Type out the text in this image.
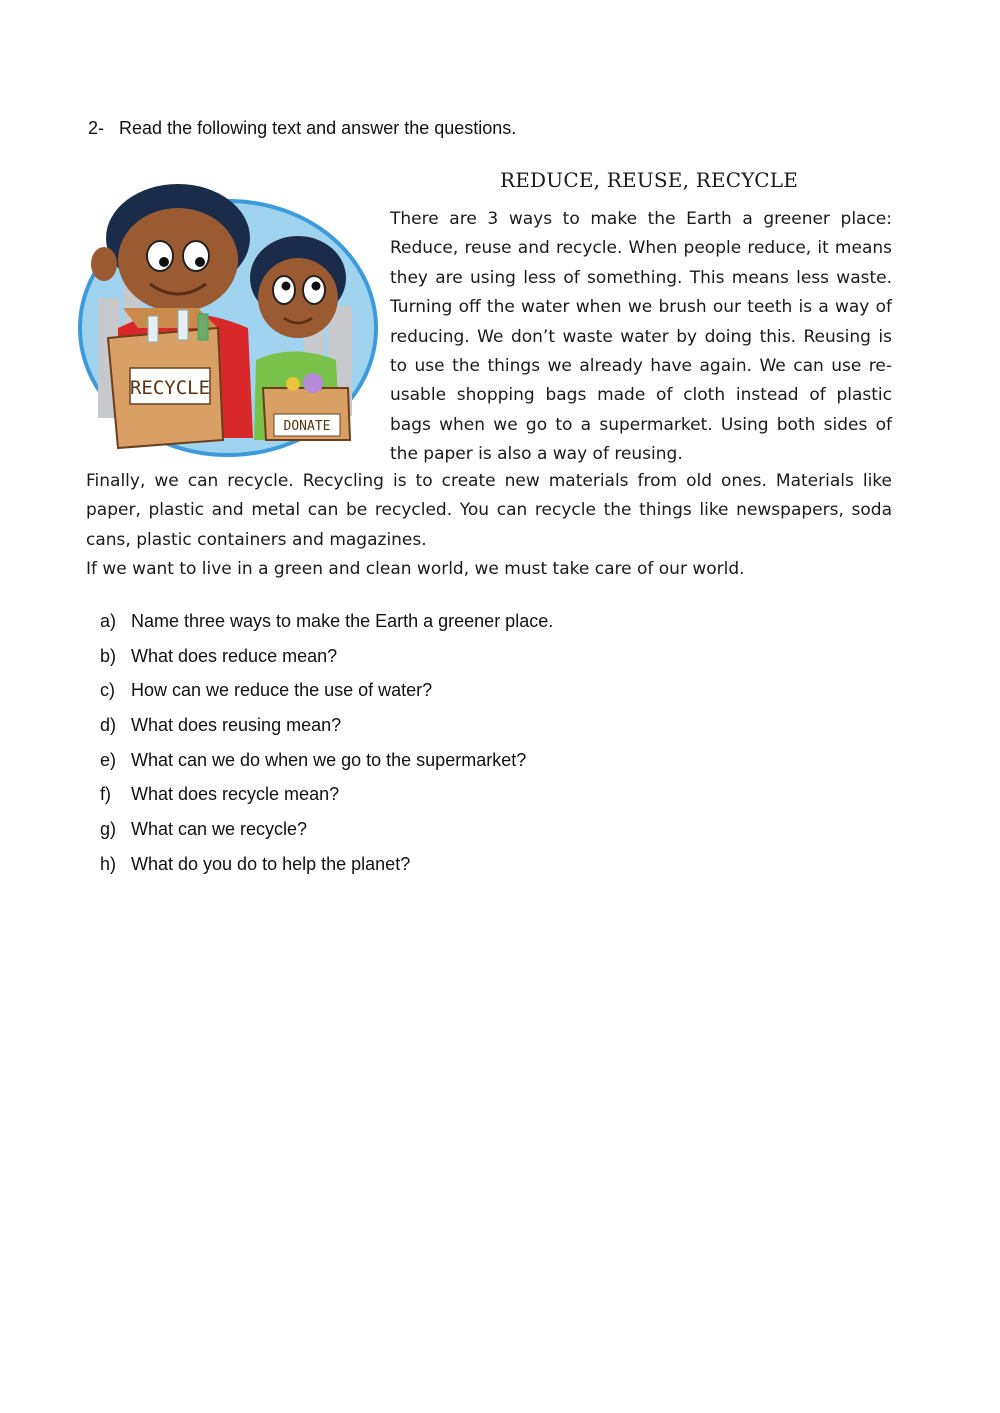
2- Read the following text and answer the questions.
RECYCLE
DONATE
REDUCE, REUSE, RECYCLE

There are 3 ways to make the Earth a greener place: Reduce, reuse and recycle. When people reduce, it means they are using less of something. This means less waste. Turning off the water when we brush our teeth is a way of reducing. We don’t waste water by doing this. Reusing is to use the things we already have again. We can use re-usable shopping bags made of cloth instead of plastic bags when we go to a supermarket. Using both sides of the paper is also a way of reusing.

Finally, we can recycle. Recycling is to create new materials from old ones. Materials like paper, plastic and metal can be recycled. You can recycle the things like newspapers, soda cans, plastic containers and magazines.

If we want to live in a green and clean world, we must take care of our world.

a) Name three ways to make the Earth a greener place.
b) What does reduce mean?
c) How can we reduce the use of water?
d) What does reusing mean?
e) What can we do when we go to the supermarket?
f) What does recycle mean?
g) What can we recycle?
h) What do you do to help the planet?
